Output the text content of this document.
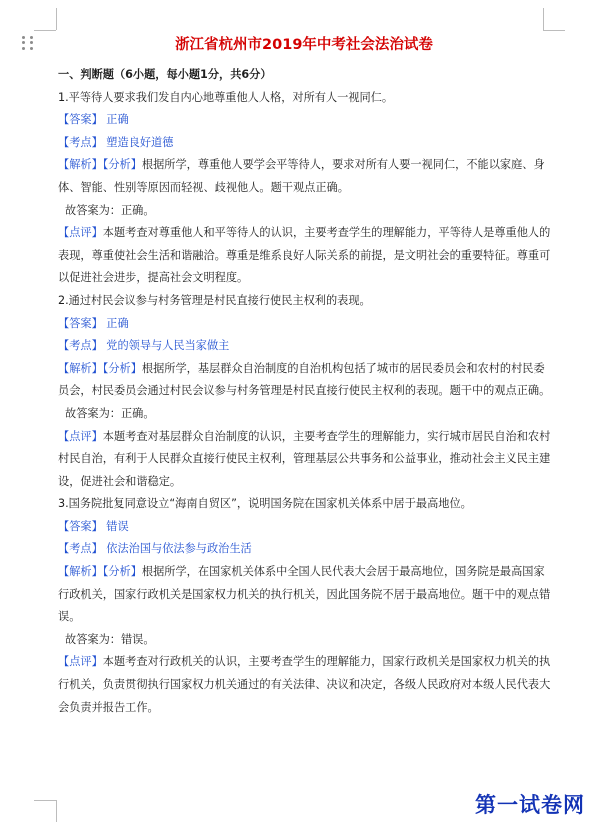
浙江省杭州市2019年中考社会法治试卷
一、判断题（6小题，每小题1分，共6分）
1.平等待人要求我们发自内心地尊重他人人格，对所有人一视同仁。
【答案】 正确
【考点】 塑造良好道德
【解析】【分析】根据所学，尊重他人要学会平等待人，要求对所有人要一视同仁，不能以家庭、身
体、智能、性别等原因而轻视、歧视他人。题干观点正确。
故答案为：正确。
【点评】本题考查对尊重他人和平等待人的认识，主要考查学生的理解能力，平等待人是尊重他人的
表现，尊重使社会生活和谐融洽。尊重是维系良好人际关系的前提，是文明社会的重要特征。尊重可
以促进社会进步，提高社会文明程度。
2.通过村民会议参与村务管理是村民直接行使民主权利的表现。
【答案】 正确
【考点】 党的领导与人民当家做主
【解析】【分析】根据所学，基层群众自治制度的自治机构包括了城市的居民委员会和农村的村民委
员会，村民委员会通过村民会议参与村务管理是村民直接行使民主权利的表现。题干中的观点正确。
故答案为：正确。
【点评】本题考查对基层群众自治制度的认识，主要考查学生的理解能力，实行城市居民自治和农村
村民自治，有利于人民群众直接行使民主权利，管理基层公共事务和公益事业，推动社会主义民主建
设，促进社会和谐稳定。
3.国务院批复同意设立“海南自贸区”，说明国务院在国家机关体系中居于最高地位。
【答案】 错误
【考点】 依法治国与依法参与政治生活
【解析】【分析】根据所学，在国家机关体系中全国人民代表大会居于最高地位，国务院是最高国家
行政机关，国家行政机关是国家权力机关的执行机关，因此国务院不居于最高地位。题干中的观点错
误。
故答案为：错误。
【点评】本题考查对行政机关的认识，主要考查学生的理解能力，国家行政机关是国家权力机关的执
行机关，负责贯彻执行国家权力机关通过的有关法律、决议和决定，各级人民政府对本级人民代表大
会负责并报告工作。
第一试卷网
